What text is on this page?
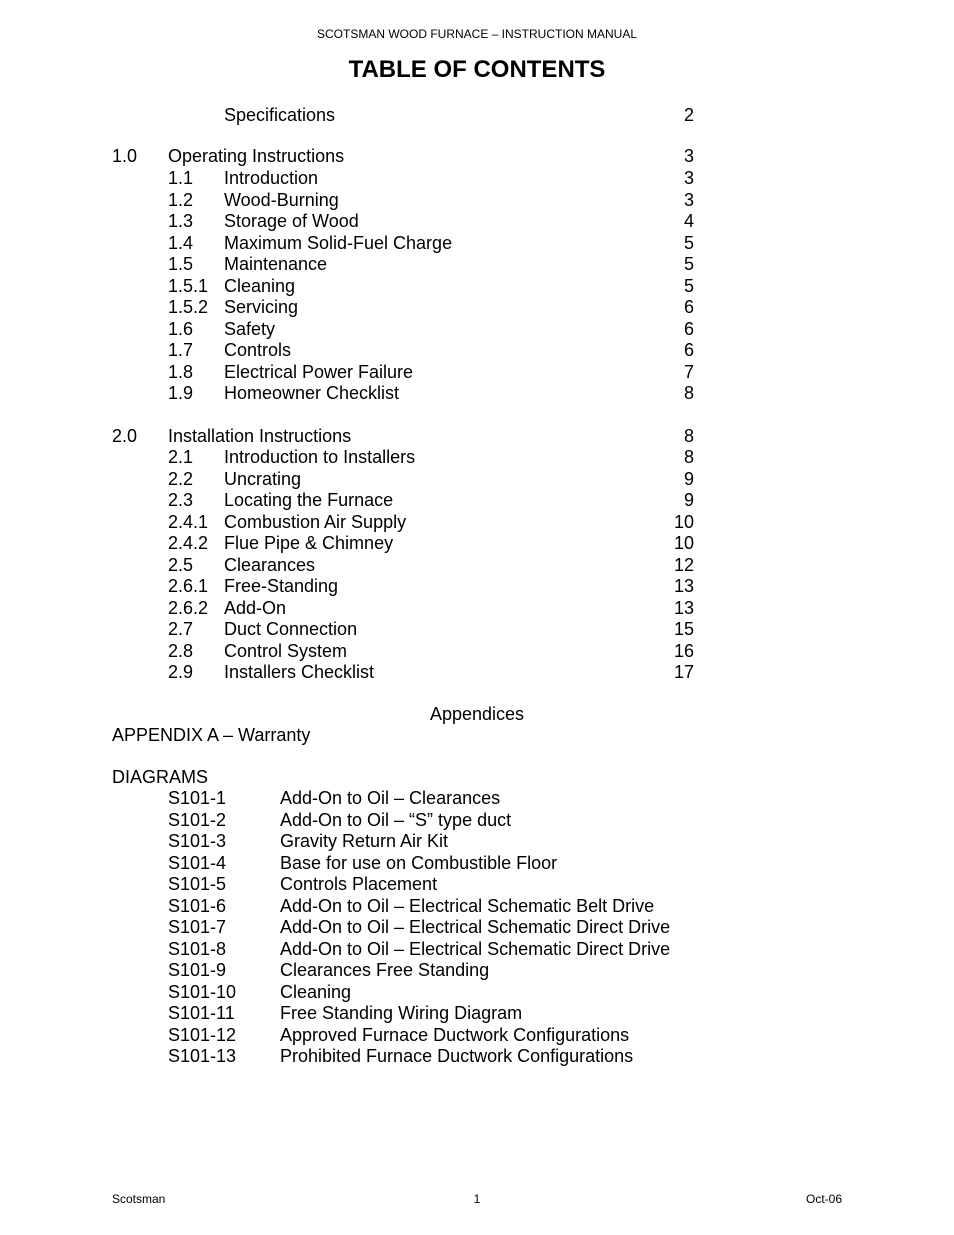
SCOTSMAN WOOD FURNACE – INSTRUCTION MANUAL
TABLE OF CONTENTS
Specifications	2
1.0 Operating Instructions	3
1.1 Introduction	3
1.2 Wood-Burning	3
1.3 Storage of Wood	4
1.4 Maximum Solid-Fuel Charge	5
1.5 Maintenance	5
1.5.1 Cleaning	5
1.5.2 Servicing	6
1.6 Safety	6
1.7 Controls	6
1.8 Electrical Power Failure	7
1.9 Homeowner Checklist	8
2.0 Installation Instructions	8
2.1 Introduction to Installers	8
2.2 Uncrating	9
2.3 Locating the Furnace	9
2.4.1 Combustion Air Supply	10
2.4.2 Flue Pipe & Chimney	10
2.5 Clearances	12
2.6.1 Free-Standing	13
2.6.2 Add-On	13
2.7 Duct Connection	15
2.8 Control System	16
2.9 Installers Checklist	17
Appendices
APPENDIX A – Warranty
DIAGRAMS
S101-1	Add-On to Oil – Clearances
S101-2	Add-On to Oil – “S” type duct
S101-3	Gravity Return Air Kit
S101-4	Base for use on Combustible Floor
S101-5	Controls Placement
S101-6	Add-On to Oil – Electrical Schematic Belt Drive
S101-7	Add-On to Oil – Electrical Schematic Direct Drive
S101-8	Add-On to Oil – Electrical Schematic Direct Drive
S101-9	Clearances Free Standing
S101-10 Cleaning
S101-11	Free Standing Wiring Diagram
S101-12 Approved Furnace Ductwork Configurations
S101-13 Prohibited Furnace Ductwork Configurations
Scotsman	1	Oct-06
